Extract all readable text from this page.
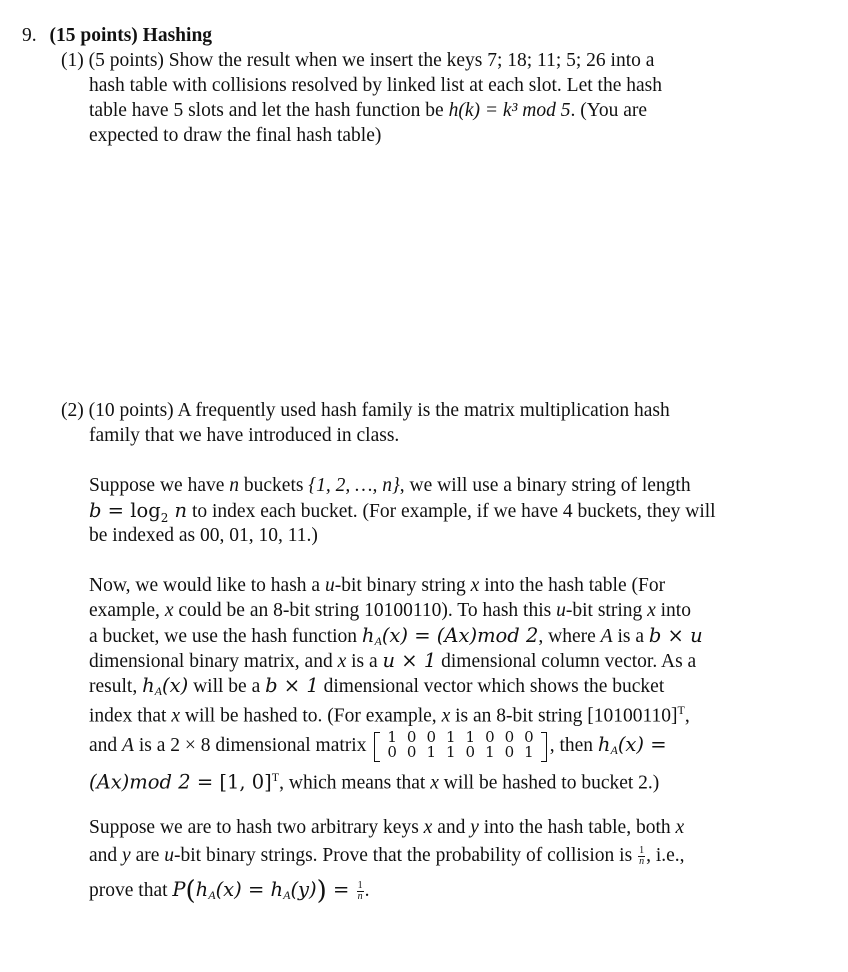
9. (15 points) Hashing
(1) (5 points) Show the result when we insert the keys 7; 18; 11; 5; 26 into a
hash table with collisions resolved by linked list at each slot. Let the hash
table have 5 slots and let the hash function be h(k) = k³ mod 5. (You are
expected to draw the final hash table)
(2) (10 points) A frequently used hash family is the matrix multiplication hash
family that we have introduced in class.
Suppose we have n buckets {1, 2, …, n}, we will use a binary string of length
$b = \log_2 n$ to index each bucket. (For example, if we have 4 buckets, they will
be indexed as 00, 01, 10, 11.)
Now, we would like to hash a u-bit binary string x into the hash table (For
example, x could be an 8-bit string 10100110). To hash this u-bit string x into
a bucket, we use the hash function $h_A(x) = (Ax)mod$ 2, where A is a b × u
dimensional binary matrix, and x is a u × 1 dimensional column vector. As a
result, $h_A(x)$ will be a b × 1 dimensional vector which shows the bucket
index that x will be hashed to. (For example, x is an 8-bit string $[10100110]^T$,
and A is a 2 × 8 dimensional matrix 1	0	0	1	1	0	0	0
0	0	1	1	0	1	0	1 , then $h_A(x)$ =
(Ax)mod 2 = [1, 0]$^T$, which means that x will be hashed to bucket 2.)
Suppose we are to hash two arbitrary keys x and y into the hash table, both x
and y are u-bit binary strings. Prove that the probability of collision is $\frac{1}{n}$ , i.e.,
prove that $P(h_A(x) = h_A(y)) = \frac{1}{n}$ .
